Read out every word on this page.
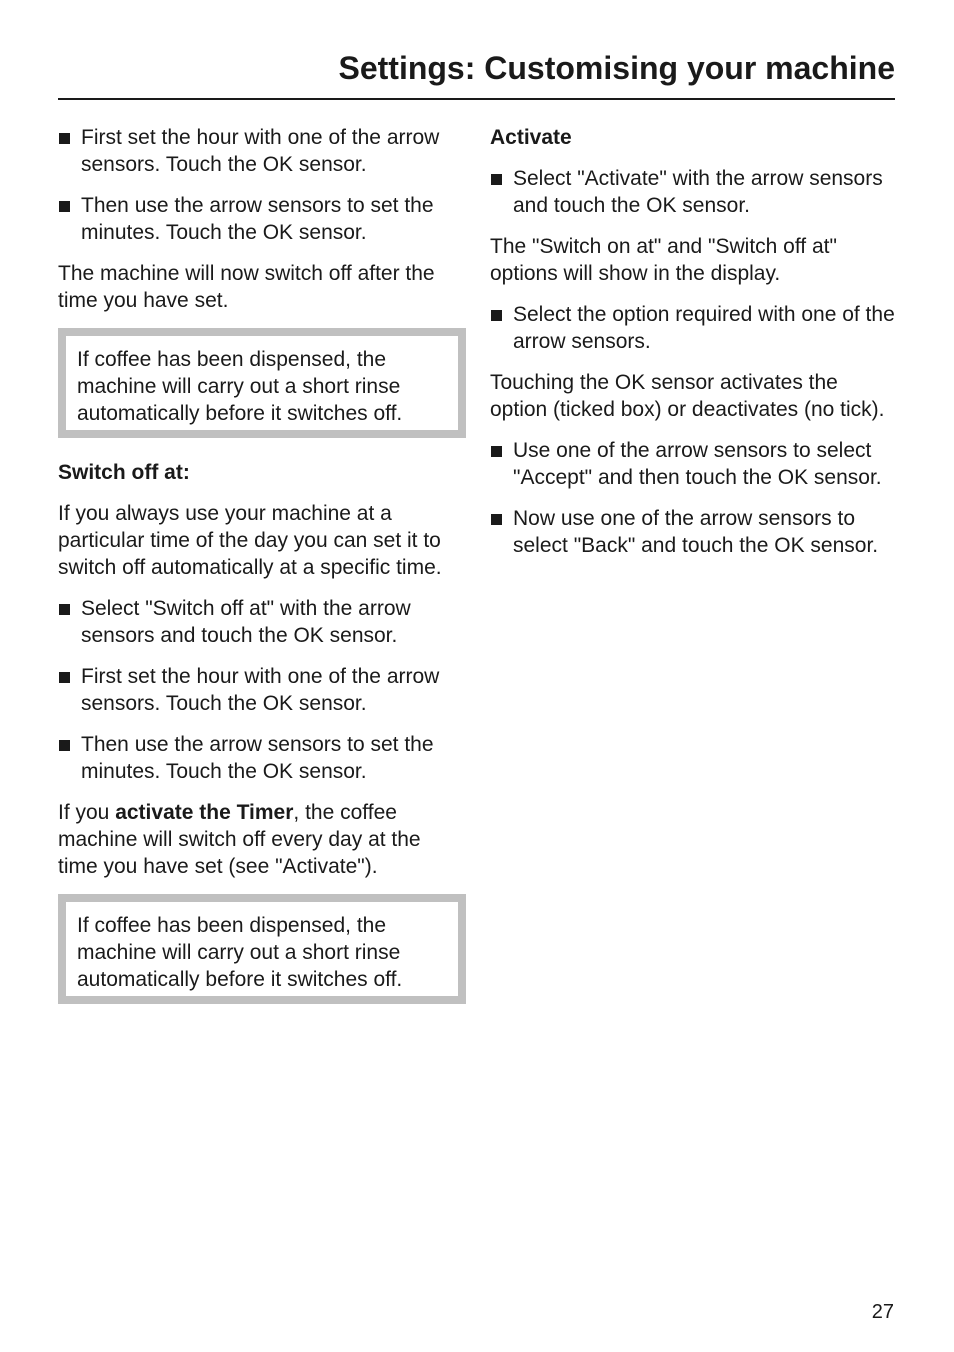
Settings: Customising your machine
First set the hour with one of the arrow sensors. Touch the OK sensor.
Then use the arrow sensors to set the minutes. Touch the OK sensor.

The machine will now switch off after the time you have set.

If coffee has been dispensed, the machine will carry out a short rinse automatically before it switches off.

Switch off at:

If you always use your machine at a particular time of the day you can set it to switch off automatically at a specific time.

Select "Switch off at" with the arrow sensors and touch the OK sensor.
First set the hour with one of the arrow sensors. Touch the OK sensor.
Then use the arrow sensors to set the minutes. Touch the OK sensor.

If you activate the Timer, the coffee machine will switch off every day at the time you have set (see "Activate").

If coffee has been dispensed, the machine will carry out a short rinse automatically before it switches off.

Activate
Select "Activate" with the arrow sensors and touch the OK sensor.

The "Switch on at" and "Switch off at" options will show in the display.

Select the option required with one of the arrow sensors.

Touching the OK sensor activates the option (ticked box) or deactivates (no tick).

Use one of the arrow sensors to select "Accept" and then touch the OK sensor.
Now use one of the arrow sensors to select "Back" and touch the OK sensor.
27
